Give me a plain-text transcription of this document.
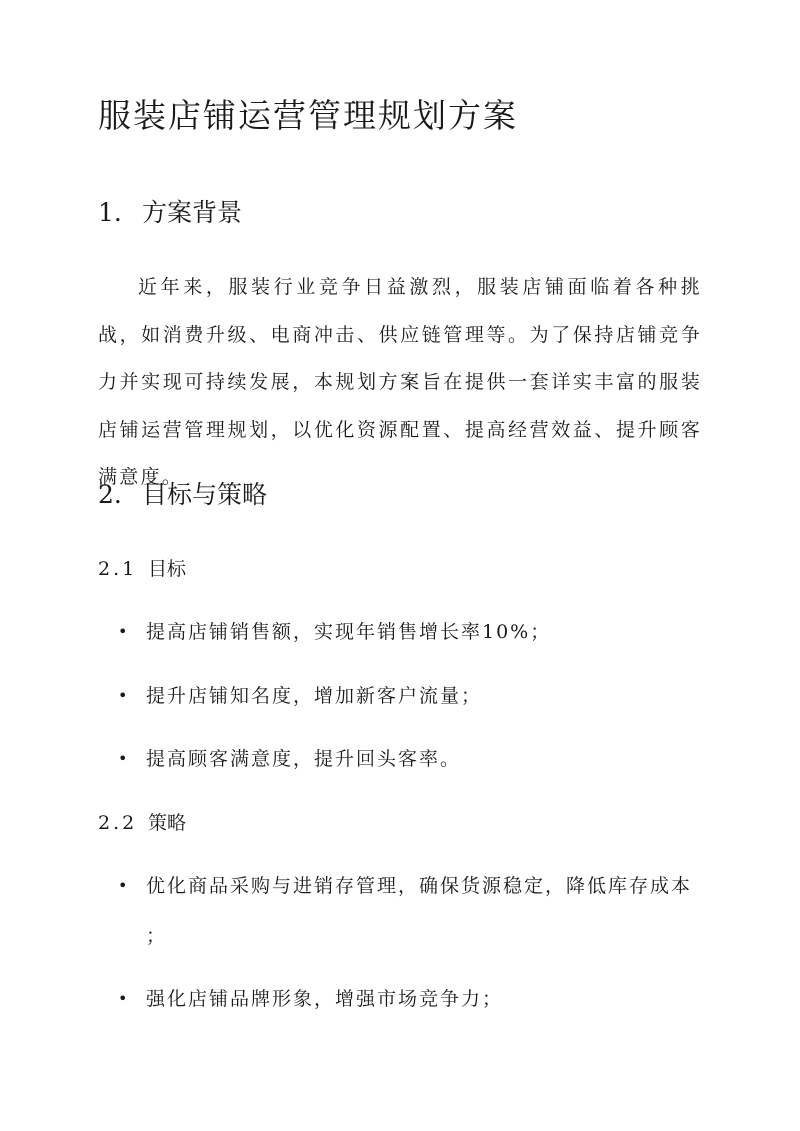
服装店铺运营管理规划方案
1. 方案背景

近年来，服装行业竞争日益激烈，服装店铺面临着各种挑战，如消费升级、电商冲击、供应链管理等。为了保持店铺竞争力并实现可持续发展，本规划方案旨在提供一套详实丰富的服装店铺运营管理规划，以优化资源配置、提高经营效益、提升顾客满意度。

2. 目标与策略
2.1 目标
• 提高店铺销售额，实现年销售增长率10%；
• 提升店铺知名度，增加新客户流量；
• 提高顾客满意度，提升回头客率。
2.2 策略
• 优化商品采购与进销存管理，确保货源稳定，降低库存成本

；

• 强化店铺品牌形象，增强市场竞争力；
